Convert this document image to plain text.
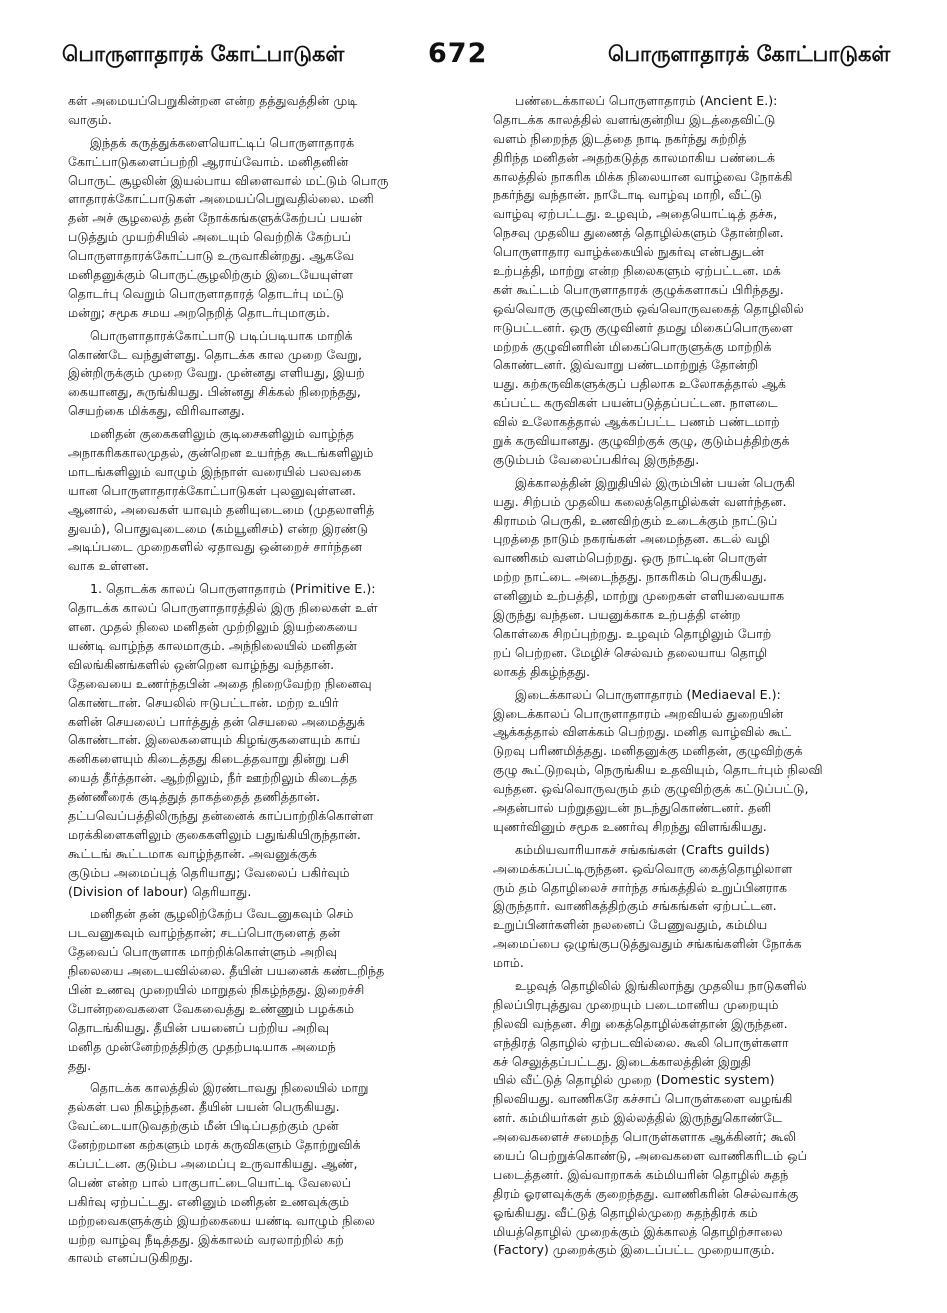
பொருளாதாரக் கோட்பாடுகள்	672	பொருளாதாரக் கோட்பாடுகள்
கள் அமையப்பெறுகின்றன என்ற தத்துவத்தின் முடி
வாகும்.
இந்தக் கருத்துக்களையொட்டிப் பொருளாதாரக்
கோட்பாடுகளைப்பற்றி ஆராய்வோம். மனிதனின்
பொருட் சூழலின் இயல்பாய விளைவால் மட்டும் பொரு
ளாதாரக்கோட்பாடுகள் அமையப்பெறுவதில்லை. மனி
தன் அச் சூழலைத் தன் நோக்கங்களுக்கேற்பப் பயன்
படுத்தும் முயற்சியில் அடையும் வெற்றிக் கேற்பப்
பொருளாதாரக்கோட்பாடு உருவாகின்றது. ஆகவே
மனிதனுக்கும் பொருட்சூழலிற்கும் இடையேயுள்ள
தொடர்பு வெறும் பொருளாதாரத் தொடர்பு மட்டு
மன்று; சமூக சமய அறநெறித் தொடர்புமாகும்.
பொருளாதாரக்கோட்பாடு படிப்படியாக மாறிக்
கொண்டே வந்துள்ளது. தொடக்க கால முறை வேறு,
இன்றிருக்கும் முறை வேறு. முன்னது எளியது, இயற்
கையானது, சுருங்கியது. பின்னது சிக்கல் நிறைந்தது,
செயற்கை மிக்கது, விரிவானது.
மனிதன் குகைகளிலும் குடிசைகளிலும் வாழ்ந்த
அநாகரிககாலமுதல், குன்றென உயர்ந்த கூடங்களிலும்
மாடங்களிலும் வாழும் இந்நாள் வரையில் பலவகை
யான பொருளாதாரக்கோட்பாடுகள் புலனுவுள்ளன.
ஆனால், அவைகள் யாவும் தனியுடைமை (முதலாளித்
துவம்), பொதுவுடைமை (கம்யூனிசம்) என்ற இரண்டு
அடிப்படை முறைகளில் ஏதாவது ஒன்றைச் சார்ந்தன
வாக உள்ளன.
1. தொடக்க காலப் பொருளாதாரம் (Primitive E.):
தொடக்க காலப் பொருளாதாரத்தில் இரு நிலைகள் உள்
ளன. முதல் நிலை மனிதன் முற்றிலும் இயற்கையை
யண்டி வாழ்ந்த காலமாகும். அந்நிலையில் மனிதன்
விலங்கினங்களில் ஒன்றென வாழ்ந்து வந்தான்.
தேவையை உணர்ந்தபின் அதை நிறைவேற்ற நினைவு
கொண்டான். செயலில் ஈடுபட்டான். மற்ற உயிர்
களின் செயலைப் பார்த்துத் தன் செயலை அமைத்துக்
கொண்டான். இலைகளையும் கிழங்குகளையும் காய்
கனிகளையும் கிடைத்தது கிடைத்தவாறு தின்று பசி
யைத் தீர்த்தான். ஆற்றிலும், நீர் ஊற்றிலும் கிடைத்த
தண்ணீரைக் குடித்துத் தாகத்தைத் தணித்தான்.
தட்பவெப்பத்திலிருந்து தன்னைக் காப்பாற்றிக்கொள்ள
மரக்கிளைகளிலும் குகைகளிலும் பதுங்கியிருந்தான்.
கூட்டங் கூட்டமாக வாழ்ந்தான். அவனுக்குக்
குடும்ப அமைப்புத் தெரியாது; வேலைப் பகிர்வும்
(Division of labour) தெரியாது.
மனிதன் தன் சூழலிற்கேற்ப வேடனுகவும் செம்
படவனுகவும் வாழ்ந்தான்; சடப்பொருளைத் தன்
தேவைப் பொருளாக மாற்றிக்கொள்ளும் அறிவு
நிலையை அடையவில்லை. தீயின் பயனைக் கண்டறிந்த
பின் உணவு முறையில் மாறுதல் நிகழ்ந்தது. இறைச்சி
போன்றவைகளை வேகவைத்து உண்ணும் பழக்கம்
தொடங்கியது. தீயின் பயனைப் பற்றிய அறிவு
மனித முன்னேற்றத்திற்கு முதற்படியாக அமைந்
தது.
தொடக்க காலத்தில் இரண்டாவது நிலையில் மாறு
தல்கள் பல நிகழ்ந்தன. தீயின் பயன் பெருகியது.
வேட்டையாடுவதற்கும் மீன் பிடிப்பதற்கும் முன்
னேற்றமான கற்களும் மரக் கருவிகளும் தோற்றுவிக்
கப்பட்டன. குடும்ப அமைப்பு உருவாகியது. ஆண்,
பெண் என்ற பால் பாகுபாட்டையொட்டி வேலைப்
பகிர்வு ஏற்பட்டது. எனினும் மனிதன் உணவுக்கும்
மற்றவைகளுக்கும் இயற்கையை யண்டி வாழும் நிலை
யற்ற வாழ்வு நீடித்தது. இக்காலம் வரலாற்றில் கற்
காலம் எனப்படுகிறது.
பண்டைக்காலப் பொருளாதாரம் (Ancient E.):
தொடக்க காலத்தில் வளங்குன்றிய இடத்தைவிட்டு
வளம் நிறைந்த இடத்தை நாடி நகர்ந்து சுற்றித்
திரிந்த மனிதன் அதற்கடுத்த காலமாகிய பண்டைக்
காலத்தில் நாகரிக மிக்க நிலையான வாழ்வை நோக்கி
நகர்ந்து வந்தான். நாடோடி வாழ்வு மாறி, வீட்டு
வாழ்வு ஏற்பட்டது. உழவும், அதையொட்டித் தச்சு,
நெசவு முதலிய துணைத் தொழில்களும் தோன்றின.
பொருளாதார வாழ்க்கையில் நுகர்வு என்பதுடன்
உற்பத்தி, மாற்று என்ற நிலைகளும் ஏற்பட்டன. மக்
கள் கூட்டம் பொருளாதாரக் குழுக்களாகப் பிரிந்தது.
ஒவ்வொரு குழுவினரும் ஒவ்வொருவகைத் தொழிலில்
ஈடுபட்டனர். ஒரு குழுவினர் தமது மிகைப்பொருளை
மற்றக் குழுவினரின் மிகைப்பொருளுக்கு மாற்றிக்
கொண்டனர். இவ்வாறு பண்டமாற்றுத் தோன்றி
யது. கற்கருவிகளுக்குப் பதிலாக உலோகத்தால் ஆக்
கப்பட்ட கருவிகள் பயன்படுத்தப்பட்டன. நாளடை
வில் உலோகத்தால் ஆக்கப்பட்ட பணம் பண்டமாற்
றுக் கருவியானது. குழுவிற்குக் குழு, குடும்பத்திற்குக்
குடும்பம் வேலைப்பகிர்வு இருந்தது.
இக்காலத்தின் இறுதியில் இரும்பின் பயன் பெருகி
யது. சிற்பம் முதலிய கலைத்தொழில்கள் வளர்ந்தன.
கிராமம் பெருகி, உணவிற்கும் உடைக்கும் நாட்டுப்
புறத்தை நாடும் நகரங்கள் அமைந்தன. கடல் வழி
வாணிகம் வளம்பெற்றது. ஒரு நாட்டின் பொருள்
மற்ற நாட்டை அடைந்தது. நாகரிகம் பெருகியது.
எனினும் உற்பத்தி, மாற்று முறைகள் எளியவையாக
இருந்து வந்தன. பயனுக்காக உற்பத்தி என்ற
கொள்கை சிறப்புற்றது. உழவும் தொழிலும் போற்
றப் பெற்றன. மேழிச் செல்வம் தலையாய தொழி
லாகத் திகழ்ந்தது.
இடைக்காலப் பொருளாதாரம் (Mediaeval E.):
இடைக்காலப் பொருளாதாரம் அறவியல் துறையின்
ஆக்கத்தால் விளக்கம் பெற்றது. மனித வாழ்வில் கூட்
டுறவு பரிணமித்தது. மனிதனுக்கு மனிதன், குழுவிற்குக்
குழு கூட்டுறவும், நெருங்கிய உதவியும், தொடர்பும் நிலவி
வந்தன. ஒவ்வொருவரும் தம் குழுவிற்குக் கட்டுப்பட்டு,
அதன்பால் பற்றுதலுடன் நடந்துகொண்டனர். தனி
யுணர்வினும் சமூக உணர்வு சிறந்து விளங்கியது.
கம்மியவாரியாகச் சங்கங்கள் (Crafts guilds)
அமைக்கப்பட்டிருந்தன. ஒவ்வொரு கைத்தொழிலாள
ரும் தம் தொழிலைச் சார்ந்த சங்கத்தில் உறுப்பினராக
இருந்தார். வாணிகத்திற்கும் சங்கங்கள் ஏற்பட்டன.
உறுப்பினர்களின் நலனைப் பேணுவதும், கம்மிய
அமைப்பை ஒழுங்குபடுத்துவதும் சங்கங்களின் நோக்க
மாம்.
உழவுத் தொழிலில் இங்கிலாந்து முதலிய நாடுகளில்
நிலப்பிரபுத்துவ முறையும் படைமானிய முறையும்
நிலவி வந்தன. சிறு கைத்தொழில்கள்தான் இருந்தன.
எந்திரத் தொழில் ஏற்படவில்லை. கூலி பொருள்களா
கச் செலுத்தப்பட்டது. இடைக்காலத்தின் இறுதி
யில் வீட்டுத் தொழில் முறை (Domestic system)
நிலவியது. வாணிகரே கச்சாப் பொருள்களை வழங்கி
னர். கம்மியர்கள் தம் இல்லத்தில் இருந்துகொண்டே
அவைகளைச் சமைந்த பொருள்களாக ஆக்கினர்; கூலி
யைப் பெற்றுக்கொண்டு, அவைகளை வாணிகரிடம் ஒப்
படைத்தனர். இவ்வாறாகக் கம்மியரின் தொழில் சுதந்
திரம் ஓரளவுக்குக் குறைந்தது. வாணிகரின் செல்வாக்கு
ஓங்கியது. வீட்டுத் தொழில்முறை சுதந்திரக் கம்
மியத்தொழில் முறைக்கும் இக்காலத் தொழிற்சாலை
(Factory) முறைக்கும் இடைப்பட்ட முறையாகும்.
